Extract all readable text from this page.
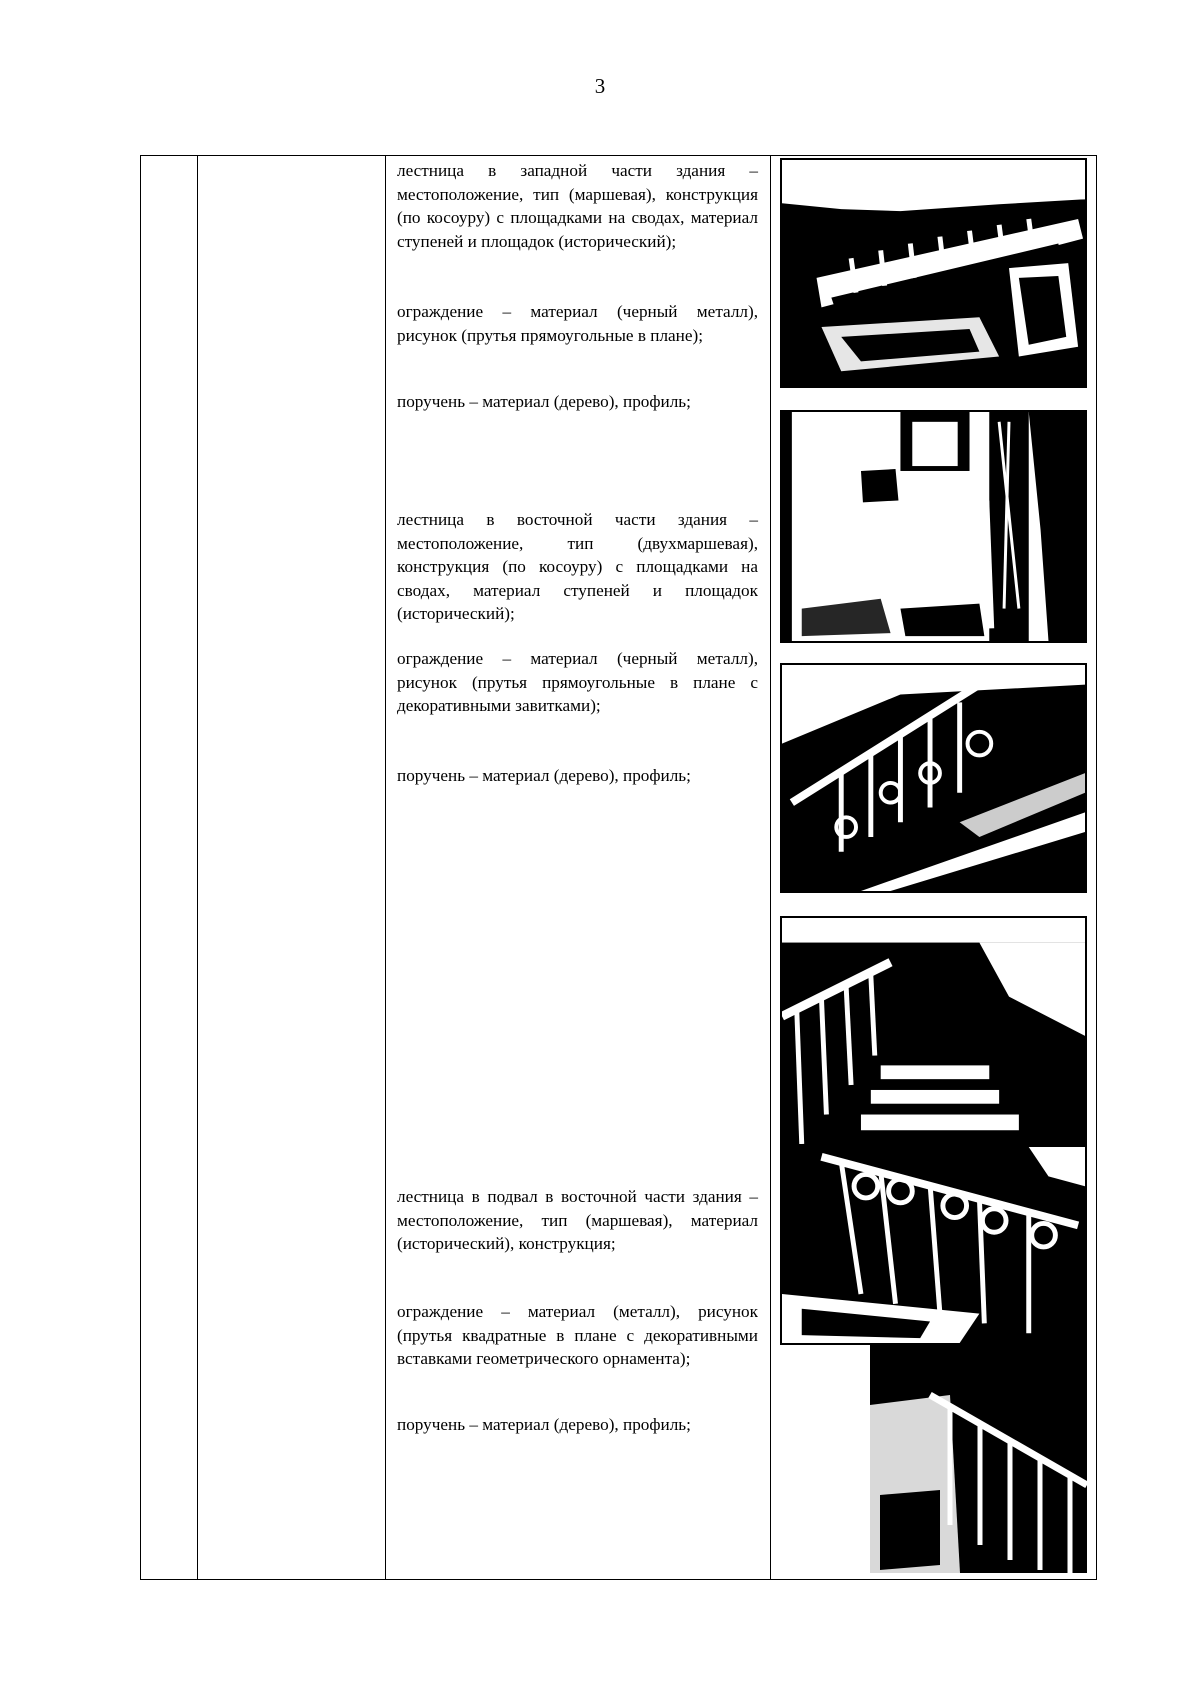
3

лестница в западной части здания – местоположение, тип (маршевая), конструкция (по косоуру) с площадками на сводах, материал ступеней и площадок (исторический);

ограждение – материал (черный металл), рисунок (прутья прямоугольные в плане);

поручень – материал (дерево), профиль;

лестница в восточной части здания – местоположение, тип (двухмаршевая), конструкция (по косоуру) с площадками на сводах, материал ступеней и площадок (исторический);

ограждение – материал (черный металл), рисунок (прутья прямоугольные в плане с декоративными завитками);

поручень – материал (дерево), профиль;

лестница в подвал в восточной части здания – местоположение, тип (маршевая), материал (исторический), конструкция;

ограждение – материал (металл), рисунок (прутья квадратные в плане с декоративными вставками геометрического орнамента);

поручень – материал (дерево), профиль;
